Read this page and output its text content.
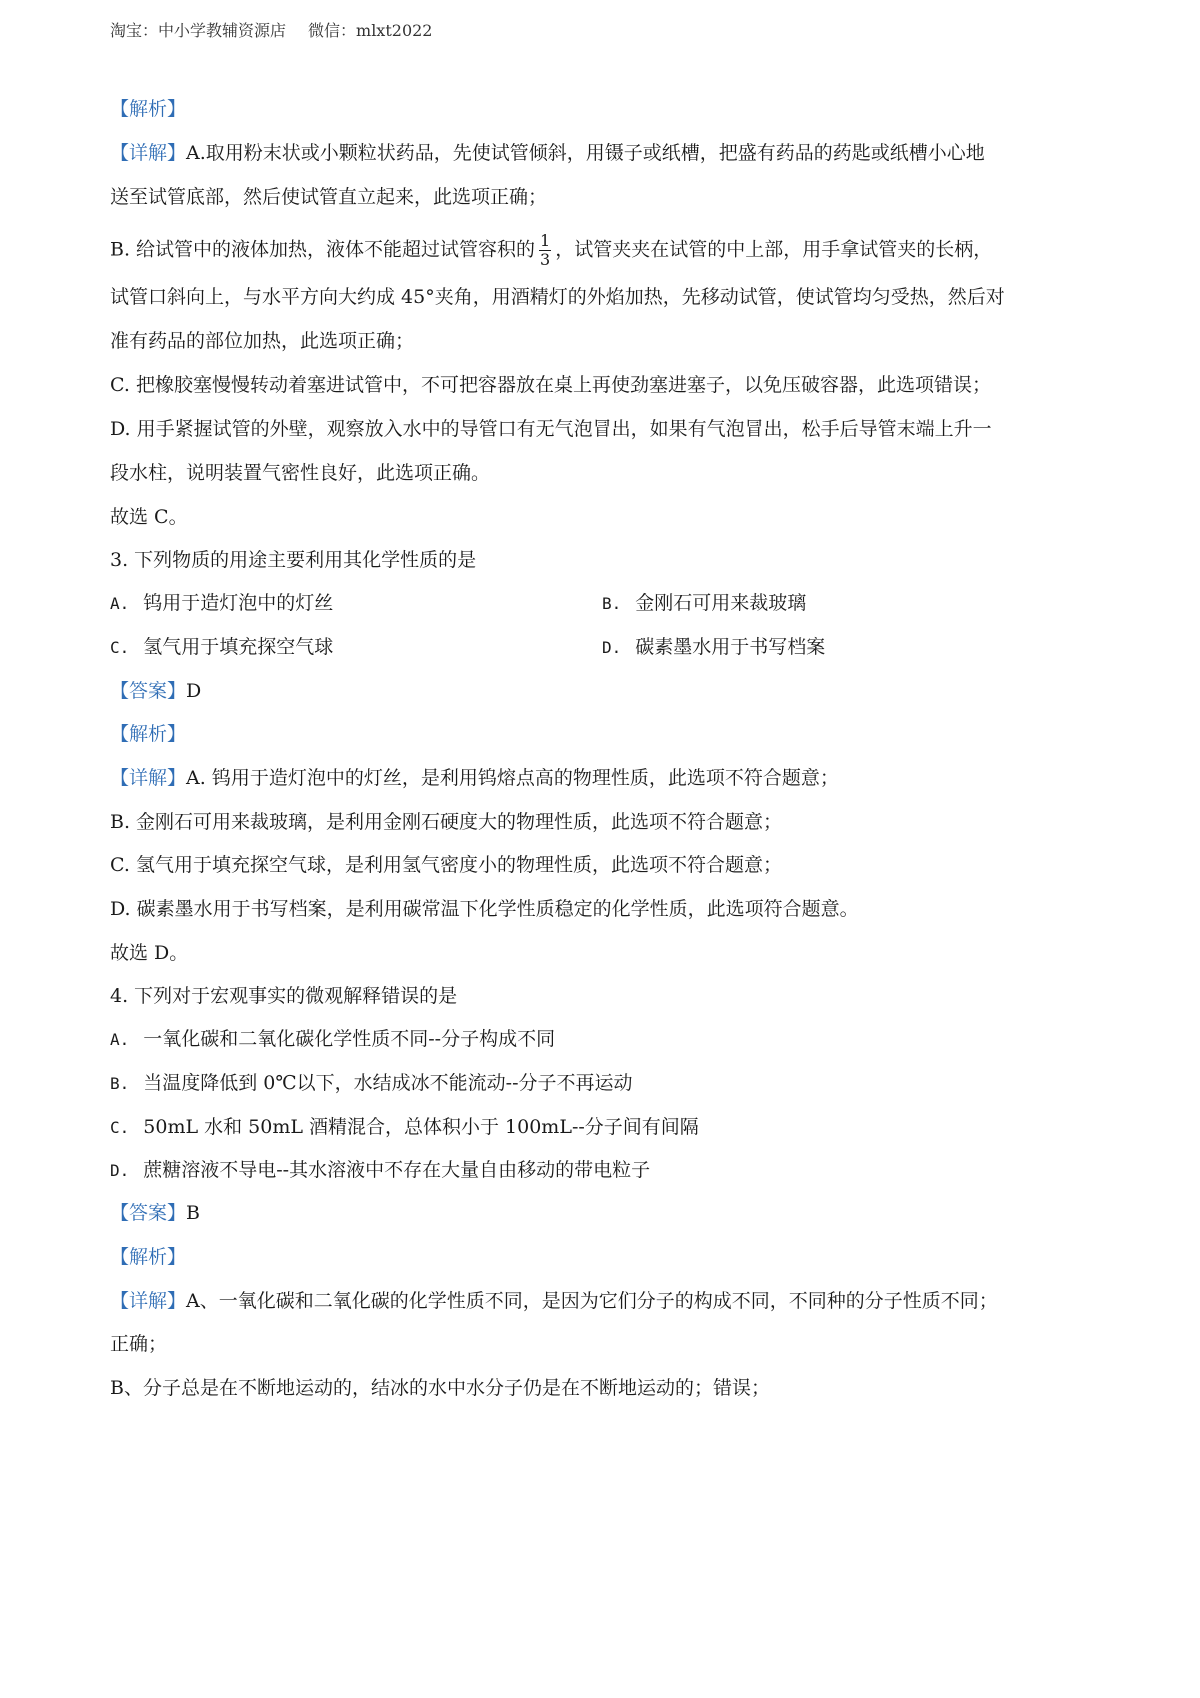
淘宝：中小学教辅资源店 微信：mlxt2022
【解析】
【详解】A.取用粉末状或小颗粒状药品，先使试管倾斜，用镊子或纸槽，把盛有药品的药匙或纸槽小心地
送至试管底部，然后使试管直立起来，此选项正确；
B. 给试管中的液体加热，液体不能超过试管容积的 $\frac{1}{3}$ ，试管夹夹在试管的中上部，用手拿试管夹的长柄，
试管口斜向上，与水平方向大约成 45°夹角，用酒精灯的外焰加热，先移动试管，使试管均匀受热，然后对
准有药品的部位加热，此选项正确；
C. 把橡胶塞慢慢转动着塞进试管中，不可把容器放在桌上再使劲塞进塞子，以免压破容器，此选项错误；
D. 用手紧握试管的外壁，观察放入水中的导管口有无气泡冒出，如果有气泡冒出，松手后导管末端上升一
段水柱，说明装置气密性良好，此选项正确。
故选 C。
3. 下列物质的用途主要利用其化学性质的是
A. 钨用于造灯泡中的灯丝	B. 金刚石可用来裁玻璃
C. 氢气用于填充探空气球	D. 碳素墨水用于书写档案
【答案】D
【解析】
【详解】A. 钨用于造灯泡中的灯丝，是利用钨熔点高的物理性质，此选项不符合题意；
B. 金刚石可用来裁玻璃，是利用金刚石硬度大的物理性质，此选项不符合题意；
C. 氢气用于填充探空气球，是利用氢气密度小的物理性质，此选项不符合题意；
D. 碳素墨水用于书写档案，是利用碳常温下化学性质稳定的化学性质，此选项符合题意。
故选 D。
4. 下列对于宏观事实的微观解释错误的是
A. 一氧化碳和二氧化碳化学性质不同--分子构成不同
B. 当温度降低到 0℃以下，水结成冰不能流动--分子不再运动
C. 50mL 水和 50mL 酒精混合，总体积小于 100mL--分子间有间隔
D. 蔗糖溶液不导电--其水溶液中不存在大量自由移动的带电粒子
【答案】B
【解析】
【详解】A、一氧化碳和二氧化碳的化学性质不同，是因为它们分子的构成不同，不同种的分子性质不同；
正确；
B、分子总是在不断地运动的，结冰的水中水分子仍是在不断地运动的；错误；
